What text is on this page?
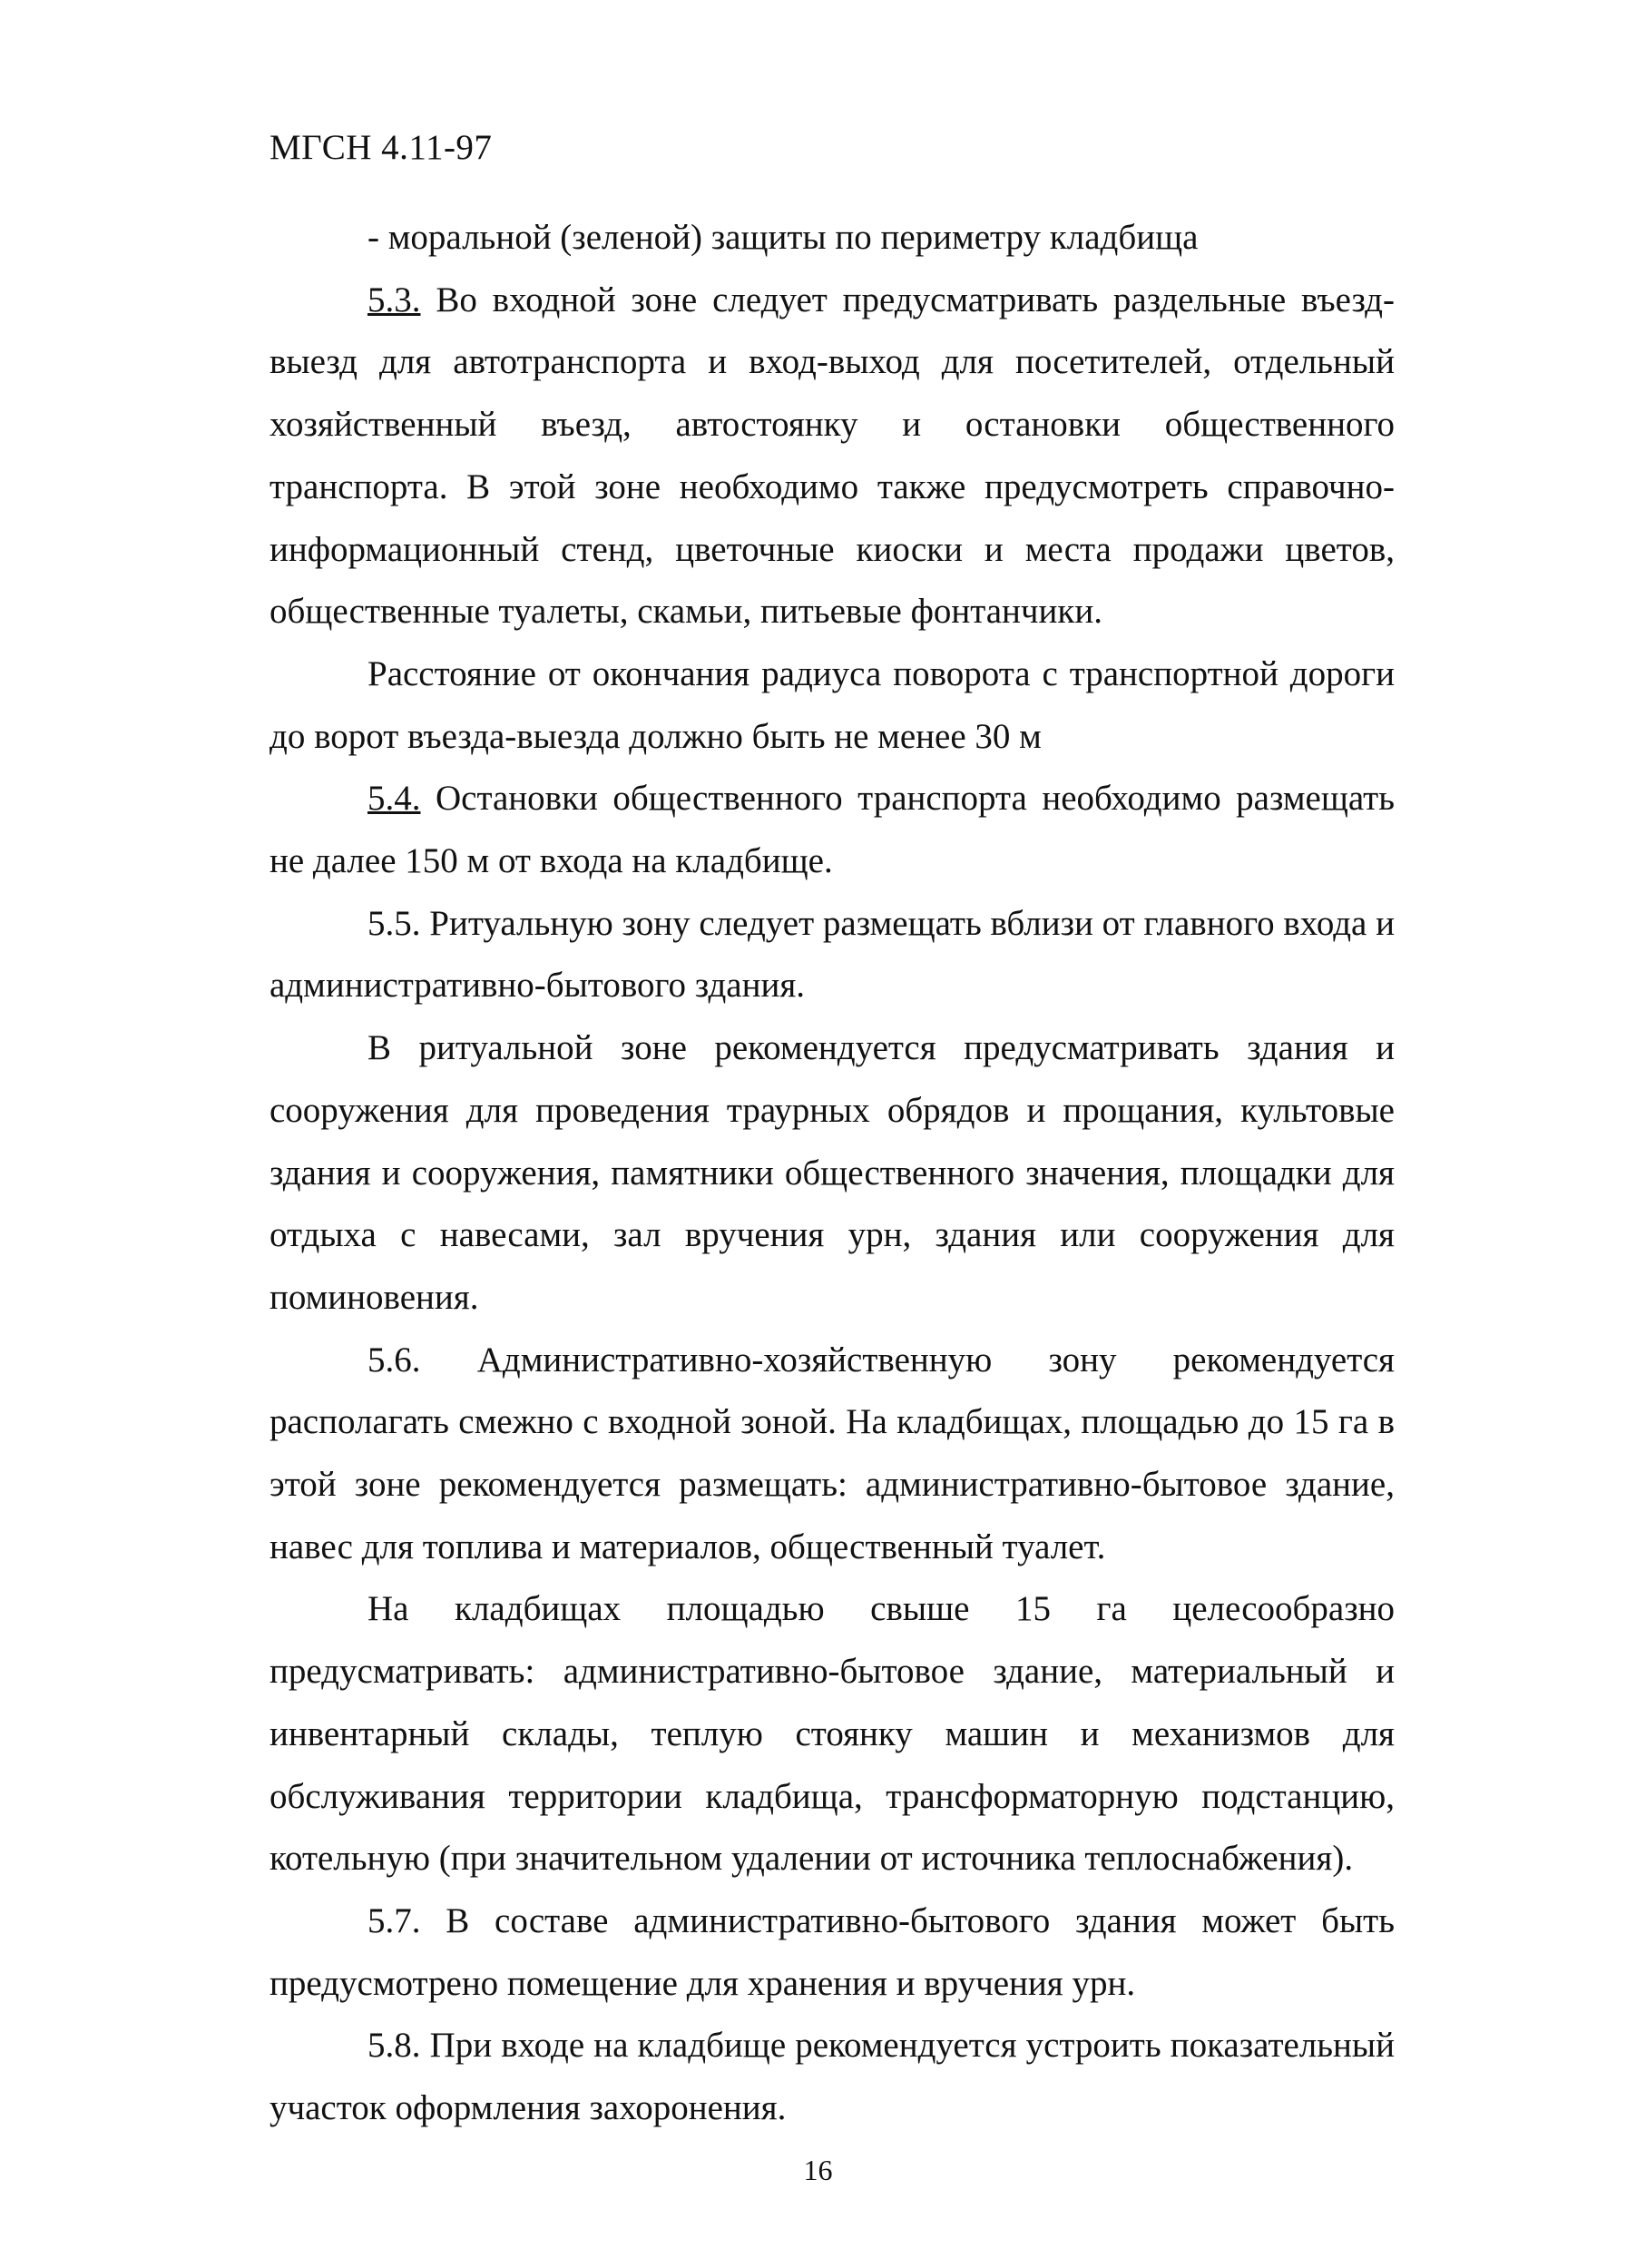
МГСН 4.11-97

- моральной (зеленой) защиты по периметру кладбища

5.3. Во входной зоне следует предусматривать раздельные въезд-выезд для автотранспорта и вход-выход для посетителей, отдельный хозяйственный въезд, автостоянку и остановки общественного транспорта. В этой зоне необходимо также предусмотреть справочно-информационный стенд, цветочные киоски и места продажи цветов, общественные туалеты, скамьи, питьевые фонтанчики.

Расстояние от окончания радиуса поворота с транспортной дороги до ворот въезда-выезда должно быть не менее 30 м

5.4. Остановки общественного транспорта необходимо размещать не далее 150 м от входа на кладбище.

5.5. Ритуальную зону следует размещать вблизи от главного входа и административно-бытового здания.

В ритуальной зоне рекомендуется предусматривать здания и сооружения для проведения траурных обрядов и прощания, культовые здания и сооружения, памятники общественного значения, площадки для отдыха с навесами, зал вручения урн, здания или сооружения для поминовения.

5.6. Административно-хозяйственную зону рекомендуется располагать смежно с входной зоной. На кладбищах, площадью до 15 га в этой зоне рекомендуется размещать: административно-бытовое здание, навес для топлива и материалов, общественный туалет.

На кладбищах площадью свыше 15 га целесообразно предусматривать: административно-бытовое здание, материальный и инвентарный склады, теплую стоянку машин и механизмов для обслуживания территории кладбища, трансформаторную подстанцию, котельную (при значительном удалении от источника теплоснабжения).

5.7. В составе административно-бытового здания может быть предусмотрено помещение для хранения и вручения урн.

5.8. При входе на кладбище рекомендуется устроить показательный участок оформления захоронения.

16
